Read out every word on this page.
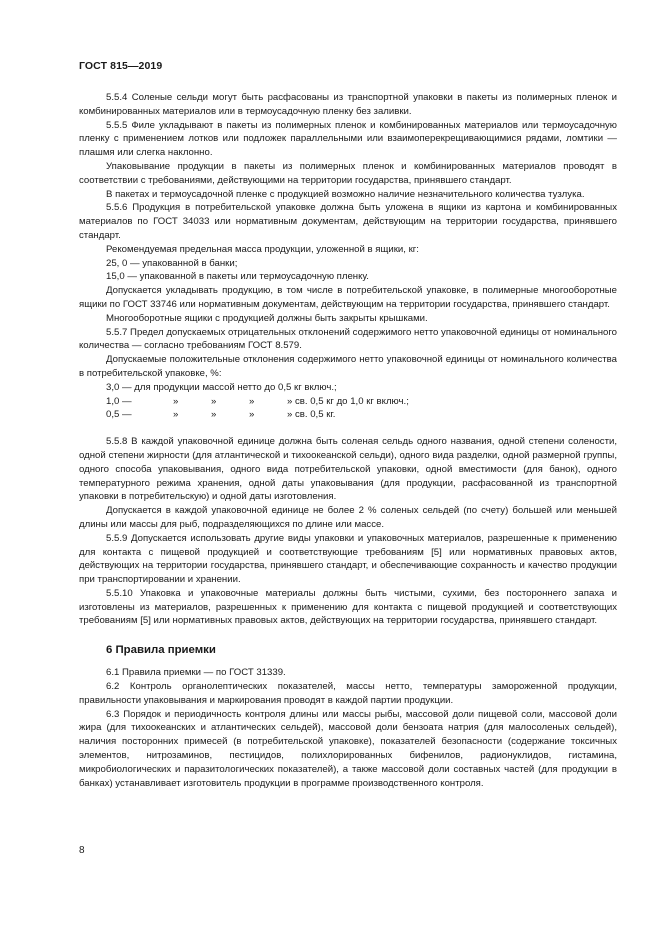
ГОСТ 815—2019

5.5.4 Соленые сельди могут быть расфасованы из транспортной упаковки в пакеты из полимерных пленок и комбинированных материалов или в термоусадочную пленку без заливки.

5.5.5 Филе укладывают в пакеты из полимерных пленок и комбинированных материалов или термоусадочную пленку с применением лотков или подложек параллельными или взаимоперекрещивающимися рядами, ломтики — плашмя или слегка наклонно.

Упаковывание продукции в пакеты из полимерных пленок и комбинированных материалов проводят в соответствии с требованиями, действующими на территории государства, принявшего стандарт.

В пакетах и термоусадочной пленке с продукцией возможно наличие незначительного количества тузлука.

5.5.6 Продукция в потребительской упаковке должна быть уложена в ящики из картона и комбинированных материалов по ГОСТ 34033 или нормативным документам, действующим на территории государства, принявшего стандарт.

Рекомендуемая предельная масса продукции, уложенной в ящики, кг:

25, 0 — упакованной в банки;

15,0 — упакованной в пакеты или термоусадочную пленку.

Допускается укладывать продукцию, в том числе в потребительской упаковке, в полимерные многооборотные ящики по ГОСТ 33746 или нормативным документам, действующим на территории государства, принявшего стандарт.

Многооборотные ящики с продукцией должны быть закрыты крышками.

5.5.7 Предел допускаемых отрицательных отклонений содержимого нетто упаковочной единицы от номинального количества — согласно требованиям ГОСТ 8.579.

Допускаемые положительные отклонения содержимого нетто упаковочной единицы от номинального количества в потребительской упаковке, %:

3,0 — для продукции массой нетто до 0,5 кг включ.;

1,0 —	»	»	»	» св. 0,5 кг до 1,0 кг включ.;
0,5 —	»	»	»	» св. 0,5 кг.

5.5.8 В каждой упаковочной единице должна быть соленая сельдь одного названия, одной степени солености, одной степени жирности (для атлантической и тихоокеанской сельди), одного вида разделки, одной размерной группы, одного способа упаковывания, одного вида потребительской упаковки, одной вместимости (для банок), одного температурного режима хранения, одной даты упаковывания (для продукции, расфасованной из транспортной упаковки в потребительскую) и одной даты изготовления.

Допускается в каждой упаковочной единице не более 2 % соленых сельдей (по счету) большей или меньшей длины или массы для рыб, подразделяющихся по длине или массе.

5.5.9 Допускается использовать другие виды упаковки и упаковочных материалов, разрешенные к применению для контакта с пищевой продукцией и соответствующие требованиям [5] или нормативных правовых актов, действующих на территории государства, принявшего стандарт, и обеспечивающие сохранность и качество продукции при транспортировании и хранении.

5.5.10 Упаковка и упаковочные материалы должны быть чистыми, сухими, без постороннего запаха и изготовлены из материалов, разрешенных к применению для контакта с пищевой продукцией и соответствующих требованиям [5] или нормативных правовых актов, действующих на территории государства, принявшего стандарт.

6 Правила приемки

6.1 Правила приемки — по ГОСТ 31339.

6.2 Контроль органолептических показателей, массы нетто, температуры замороженной продукции, правильности упаковывания и маркирования проводят в каждой партии продукции.

6.3 Порядок и периодичность контроля длины или массы рыбы, массовой доли пищевой соли, массовой доли жира (для тихоокеанских и атлантических сельдей), массовой доли бензоата натрия (для малосоленых сельдей), наличия посторонних примесей (в потребительской упаковке), показателей безопасности (содержание токсичных элементов, нитрозаминов, пестицидов, полихлорированных бифенилов, радионуклидов, гистамина, микробиологических и паразитологических показателей), а также массовой доли составных частей (для продукции в банках) устанавливает изготовитель продукции в программе производственного контроля.

8
